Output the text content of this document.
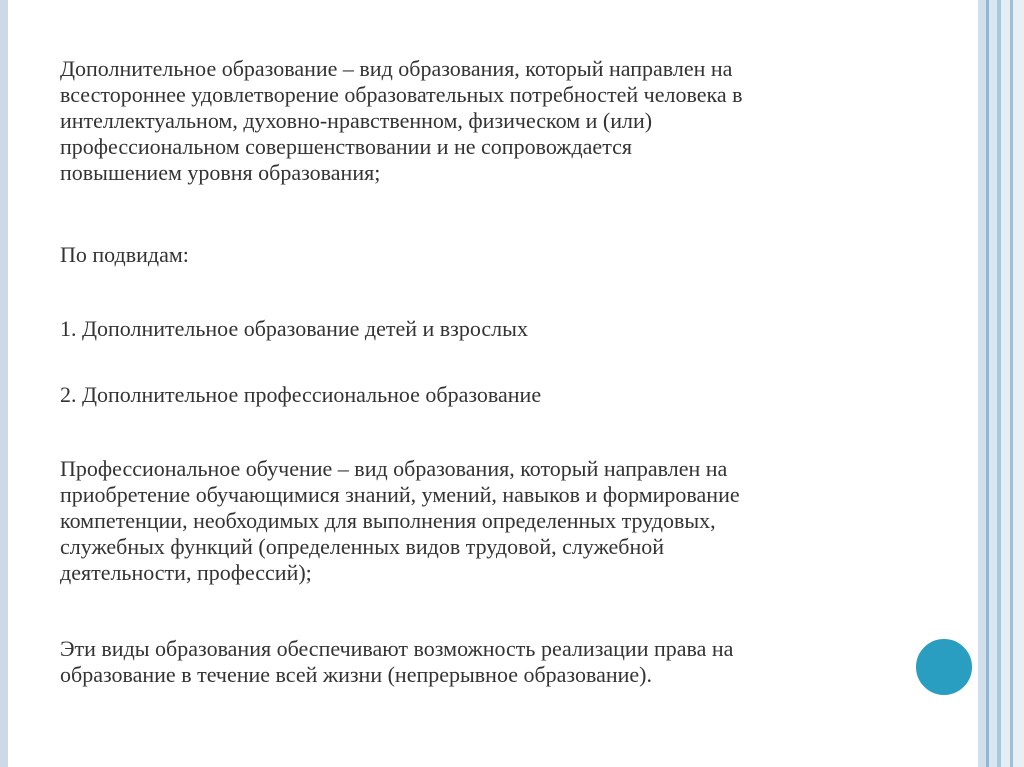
Дополнительное образование – вид образования, который направлен на
всестороннее удовлетворение образовательных потребностей человека в
интеллектуальном, духовно-нравственном, физическом и (или)
профессиональном совершенствовании и не сопровождается
повышением уровня образования;

По подвидам:

1. Дополнительное образование детей и взрослых

2. Дополнительное профессиональное образование

Профессиональное обучение – вид образования, который направлен на
приобретение обучающимися знаний, умений, навыков и формирование
компетенции, необходимых для выполнения определенных трудовых,
служебных функций (определенных видов трудовой, служебной
деятельности, профессий);

Эти виды образования обеспечивают возможность реализации права на
образование в течение всей жизни (непрерывное образование).
